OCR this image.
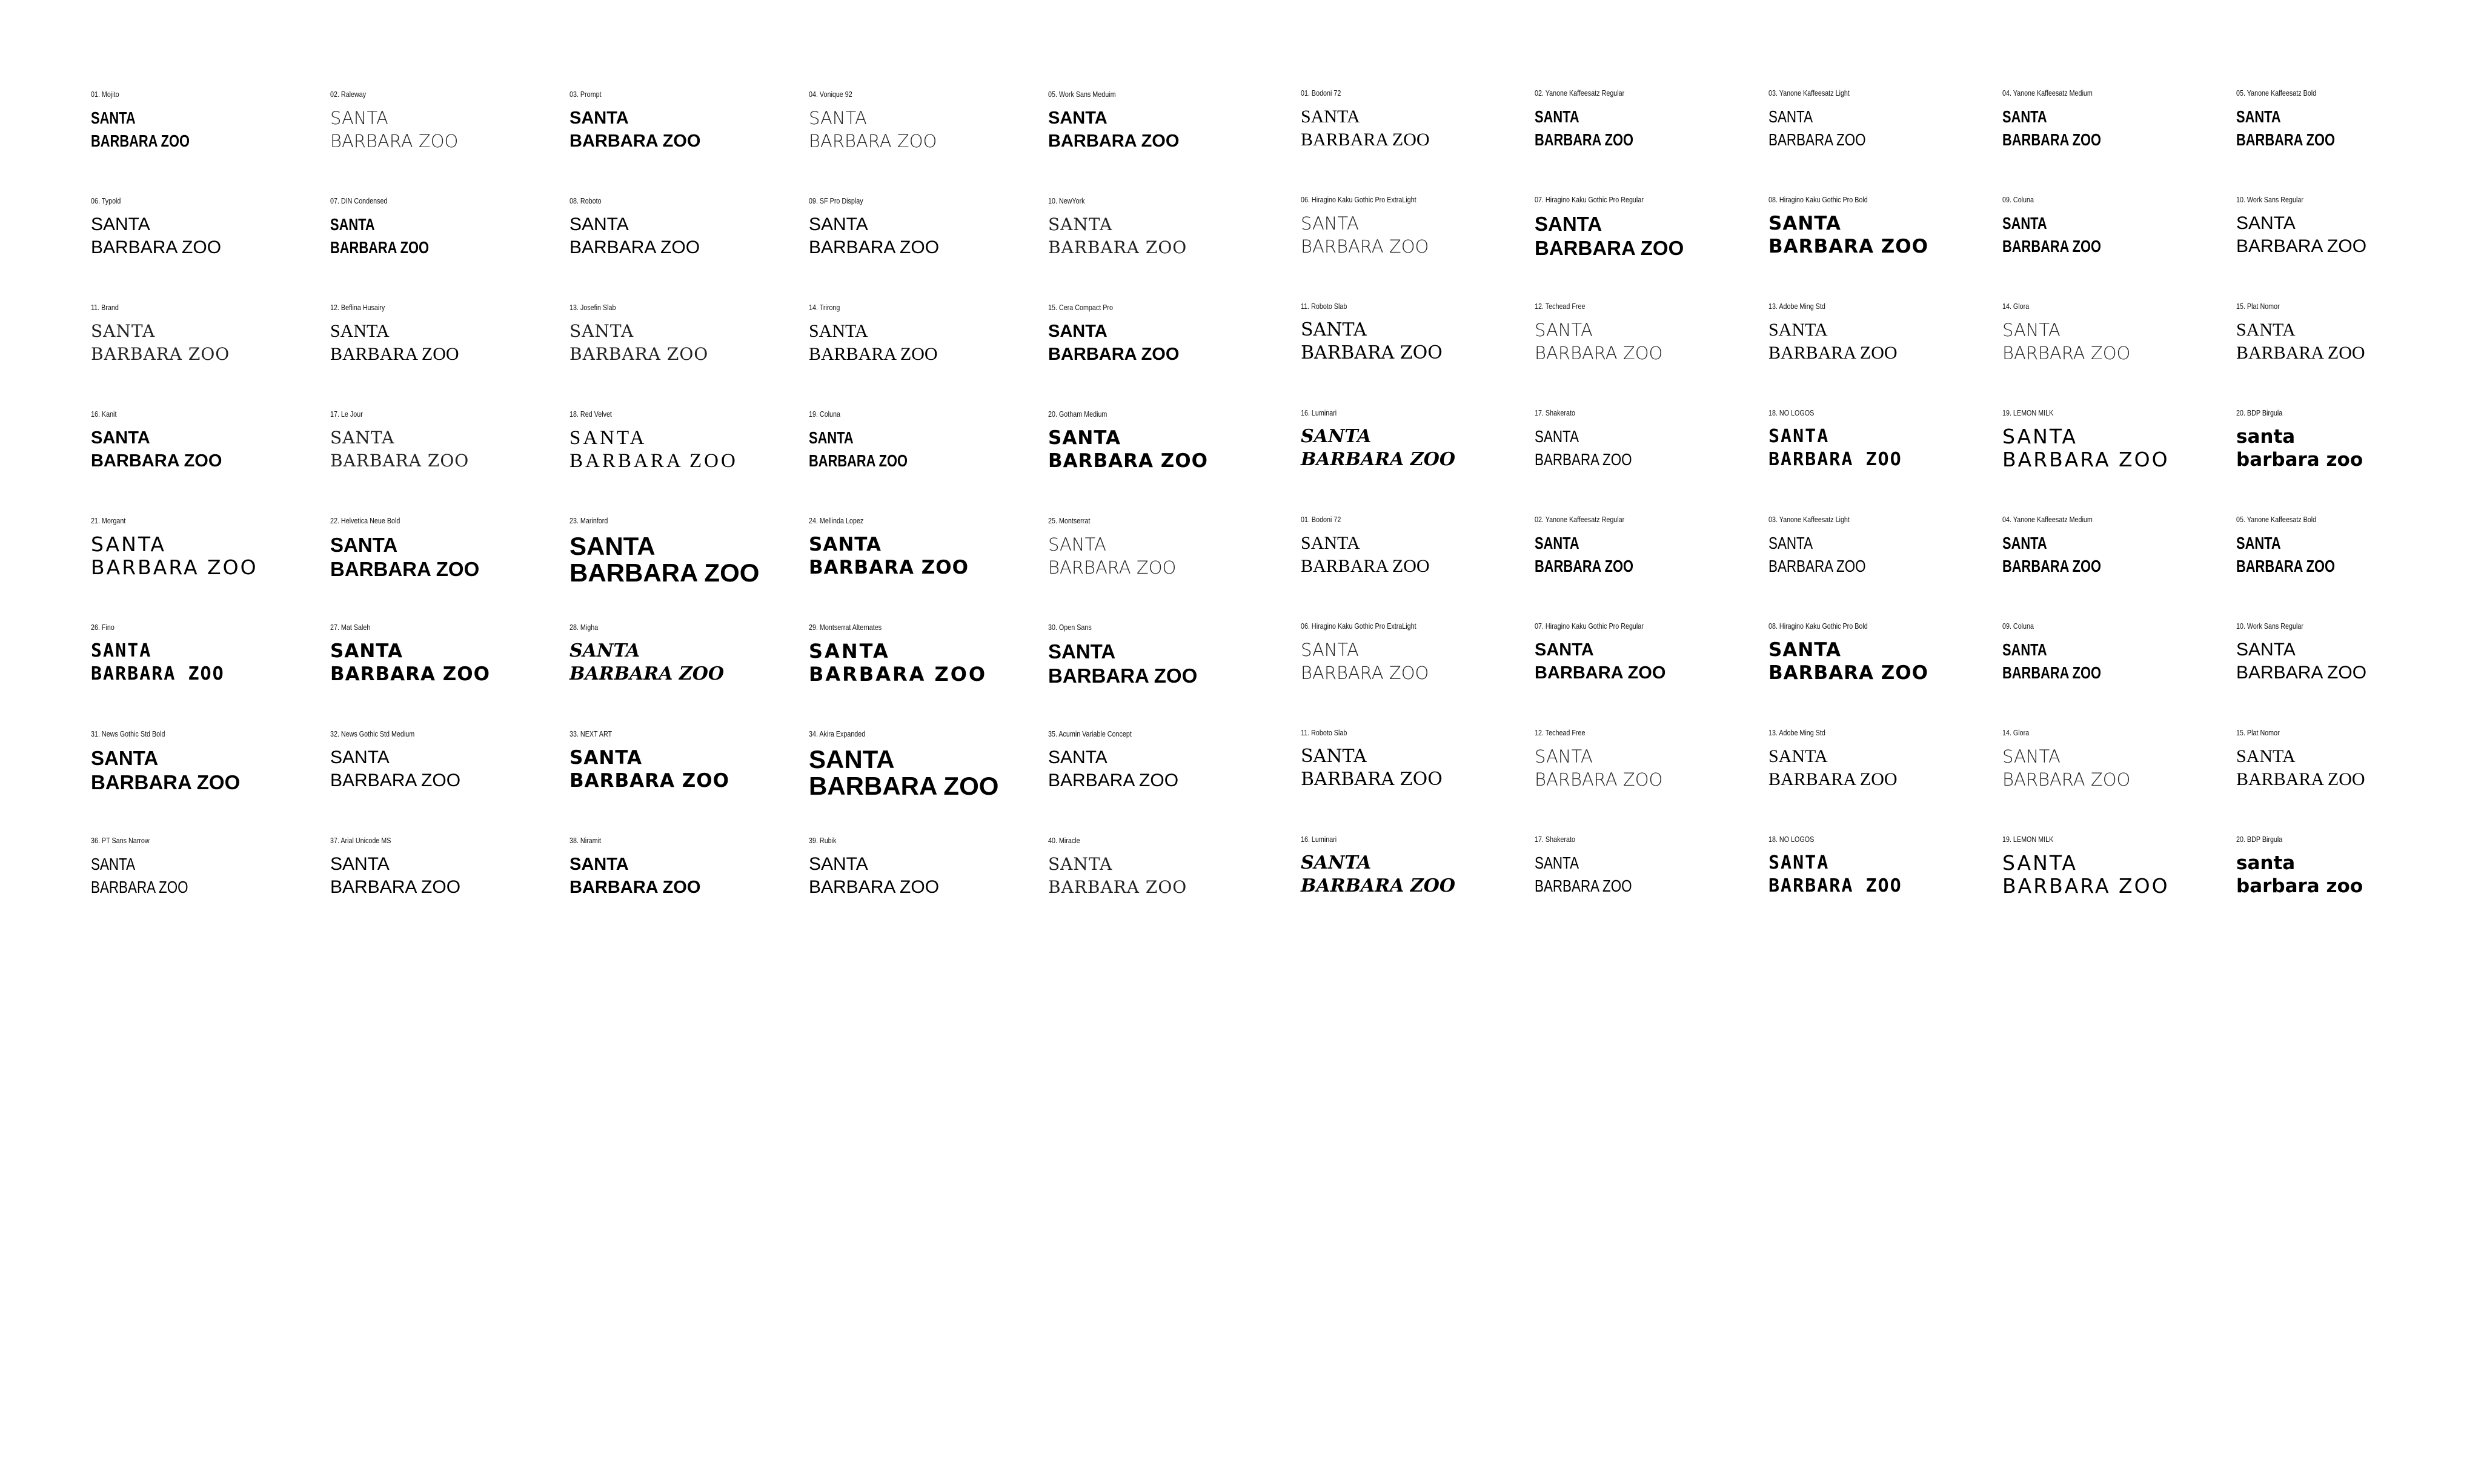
01. Mojito
SANTA
BARBARA ZOO
02. Raleway
SANTA
BARBARA ZOO
03. Prompt
SANTA
BARBARA ZOO
04. Vonique 92
SANTA
BARBARA ZOO
05. Work Sans Meduim
SANTA
BARBARA ZOO
06. Typold
SANTA
BARBARA ZOO
07. DIN Condensed
SANTA
BARBARA ZOO
08. Roboto
SANTA
BARBARA ZOO
09. SF Pro Display
SANTA
BARBARA ZOO
10. NewYork
SANTA
BARBARA ZOO
11. Brand
SANTA
BARBARA ZOO
12. Beflina Husairy
SANTA
BARBARA ZOO
13. Josefin Slab
SANTA
BARBARA ZOO
14. Trirong
SANTA
BARBARA ZOO
15. Cera Compact Pro
SANTA
BARBARA ZOO
16. Kanit
SANTA
BARBARA ZOO
17. Le Jour
SANTA
BARBARA ZOO
18. Red Velvet
SANTA
BARBARA ZOO
19. Coluna
SANTA
BARBARA ZOO
20. Gotham Medium
SANTA
BARBARA ZOO
21. Morgant
SANTA
BARBARA ZOO
22. Helvetica Neue Bold
SANTA
BARBARA ZOO
23. Marinford
SANTA
BARBARA ZOO
24. Mellinda Lopez
SANTA
BARBARA ZOO
25. Montserrat
SANTA
BARBARA ZOO
26. Fino
SANTA
BARBARA ZOO
27. Mat Saleh
SANTA
BARBARA ZOO
28. Migha
SANTA
BARBARA ZOO
29. Montserrat Alternates
SANTA
BARBARA ZOO
30. Open Sans
SANTA
BARBARA ZOO
31. News Gothic Std Bold
SANTA
BARBARA ZOO
32. News Gothic Std Medium
SANTA
BARBARA ZOO
33. NEXT ART
SANTA
BARBARA ZOO
34. Akira Expanded
SANTA
BARBARA ZOO
35. Acumin Variable Concept
SANTA
BARBARA ZOO
36. PT Sans Narrow
SANTA
BARBARA ZOO
37. Arial Unicode MS
SANTA
BARBARA ZOO
38. Niramit
SANTA
BARBARA ZOO
39. Rubik
SANTA
BARBARA ZOO
40. Miracle
SANTA
BARBARA ZOO
01. Bodoni 72
SANTA
BARBARA ZOO
02. Yanone Kaffeesatz Regular
SANTA
BARBARA ZOO
03. Yanone Kaffeesatz Light
SANTA
BARBARA ZOO
04. Yanone Kaffeesatz Medium
SANTA
BARBARA ZOO
05. Yanone Kaffeesatz Bold
SANTA
BARBARA ZOO
06. Hiragino Kaku Gothic Pro ExtraLight
SANTA
BARBARA ZOO
07. Hiragino Kaku Gothic Pro Regular
SANTA
BARBARA ZOO
08. Hiragino Kaku Gothic Pro Bold
SANTA
BARBARA ZOO
09. Coluna
SANTA
BARBARA ZOO
10. Work Sans Regular
SANTA
BARBARA ZOO
11. Roboto Slab
SANTA
BARBARA ZOO
12. Techead Free
SANTA
BARBARA ZOO
13. Adobe Ming Std
SANTA
BARBARA ZOO
14. Glora
SANTA
BARBARA ZOO
15. Plat Nomor
SANTA
BARBARA ZOO
16. Luminari
SANTA
BARBARA ZOO
17. Shakerato
SANTA
BARBARA ZOO
18. NO LOGOS
SANTA
BARBARA ZOO
19. LEMON MILK
SANTA
BARBARA ZOO
20. BDP Birgula
santa
barbara zoo
01. Bodoni 72
SANTA
BARBARA ZOO
02. Yanone Kaffeesatz Regular
SANTA
BARBARA ZOO
03. Yanone Kaffeesatz Light
SANTA
BARBARA ZOO
04. Yanone Kaffeesatz Medium
SANTA
BARBARA ZOO
05. Yanone Kaffeesatz Bold
SANTA
BARBARA ZOO
06. Hiragino Kaku Gothic Pro ExtraLight
SANTA
BARBARA ZOO
07. Hiragino Kaku Gothic Pro Regular
SANTA
BARBARA ZOO
08. Hiragino Kaku Gothic Pro Bold
SANTA
BARBARA ZOO
09. Coluna
SANTA
BARBARA ZOO
10. Work Sans Regular
SANTA
BARBARA ZOO
11. Roboto Slab
SANTA
BARBARA ZOO
12. Techead Free
SANTA
BARBARA ZOO
13. Adobe Ming Std
SANTA
BARBARA ZOO
14. Glora
SANTA
BARBARA ZOO
15. Plat Nomor
SANTA
BARBARA ZOO
16. Luminari
SANTA
BARBARA ZOO
17. Shakerato
SANTA
BARBARA ZOO
18. NO LOGOS
SANTA
BARBARA ZOO
19. LEMON MILK
SANTA
BARBARA ZOO
20. BDP Birgula
santa
barbara zoo
